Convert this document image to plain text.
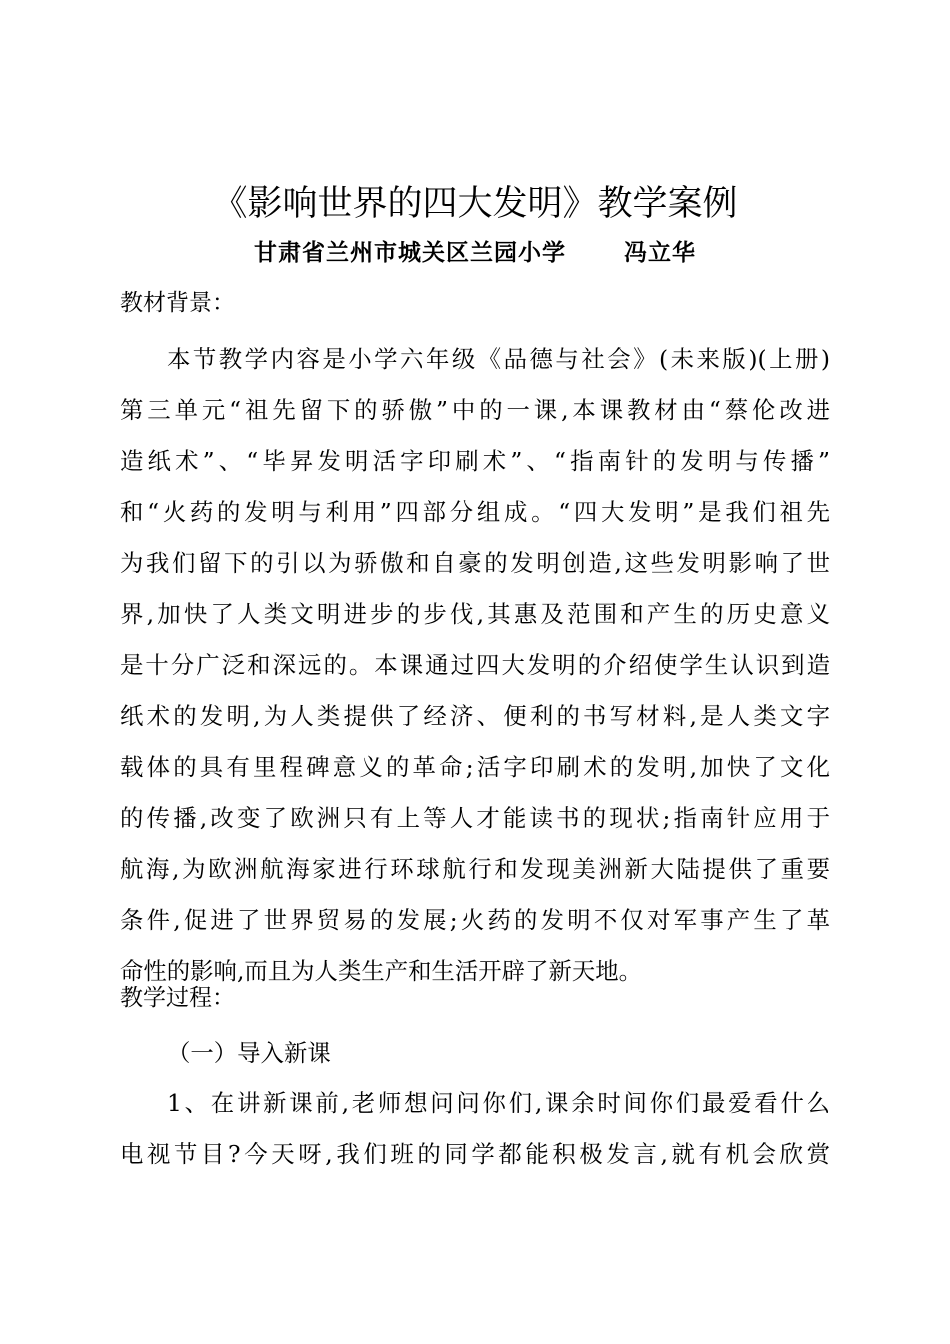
《影响世界的四大发明》教学案例
甘肃省兰州市城关区兰园小学	冯立华
教材背景：
本节教学内容是小学六年级《品德与社会》(未来版)(上册)
第三单元“祖先留下的骄傲”中的一课,本课教材由“蔡伦改进
造纸术”、“毕昇发明活字印刷术”、“指南针的发明与传播”
和“火药的发明与利用”四部分组成。“四大发明”是我们祖先
为我们留下的引以为骄傲和自豪的发明创造,这些发明影响了世
界,加快了人类文明进步的步伐,其惠及范围和产生的历史意义
是十分广泛和深远的。本课通过四大发明的介绍使学生认识到造
纸术的发明,为人类提供了经济、便利的书写材料,是人类文字
载体的具有里程碑意义的革命;活字印刷术的发明,加快了文化
的传播,改变了欧洲只有上等人才能读书的现状;指南针应用于
航海,为欧洲航海家进行环球航行和发现美洲新大陆提供了重要
条件,促进了世界贸易的发展;火药的发明不仅对军事产生了革
命性的影响,而且为人类生产和生活开辟了新天地。
教学过程：
（一）导入新课
1、在讲新课前,老师想问问你们,课余时间你们最爱看什么
电视节目?今天呀,我们班的同学都能积极发言,就有机会欣赏
